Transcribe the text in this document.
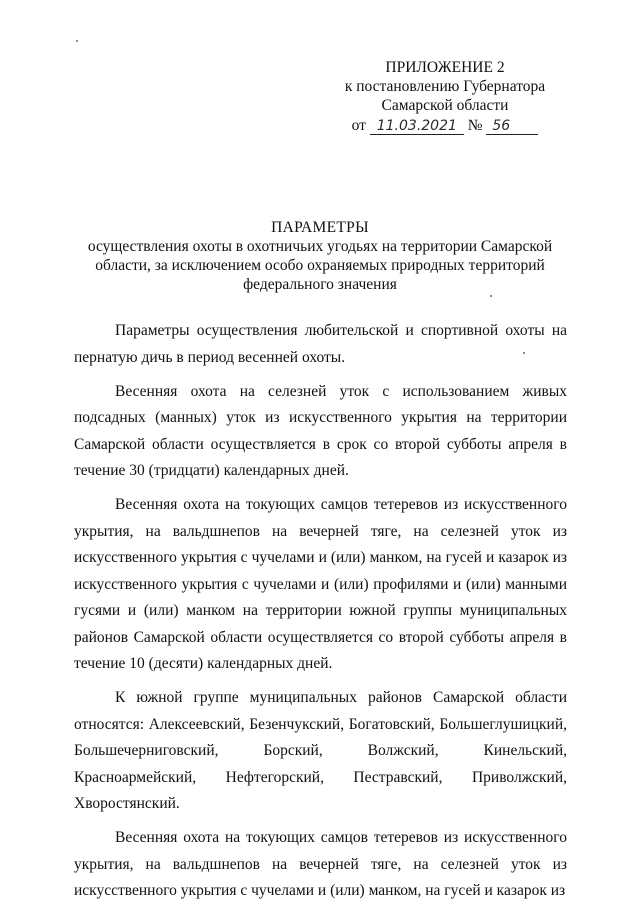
ПРИЛОЖЕНИЕ 2
к постановлению Губернатора
Самарской области
от 11.03.2021 № 56
ПАРАМЕТРЫ
осуществления охоты в охотничьих угодьях на территории Самарской
области, за исключением особо охраняемых природных территорий
федерального значения

Параметры осуществления любительской и спортивной охоты на пернатую дичь в период весенней охоты.

Весенняя охота на селезней уток с использованием живых подсадных (манных) уток из искусственного укрытия на территории Самарской области осуществляется в срок со второй субботы апреля в течение 30 (тридцати) календарных дней.

Весенняя охота на токующих самцов тетеревов из искусственного укрытия, на вальдшнепов на вечерней тяге, на селезней уток из искусственного укрытия с чучелами и (или) манком, на гусей и казарок из искусственного укрытия с чучелами и (или) профилями и (или) манными гусями и (или) манком на территории южной группы муниципальных районов Самарской области осуществляется со второй субботы апреля в течение 10 (десяти) календарных дней.

К южной группе муниципальных районов Самарской области относятся: Алексеевский, Безенчукский, Богатовский, Большеглушицкий, Большечерниговский, Борский, Волжский, Кинельский, Красноармейский, Нефтегорский, Пестравский, Приволжский, Хворостянский.

Весенняя охота на токующих самцов тетеревов из искусственного укрытия, на вальдшнепов на вечерней тяге, на селезней уток из искусственного укрытия с чучелами и (или) манком, на гусей и казарок из
